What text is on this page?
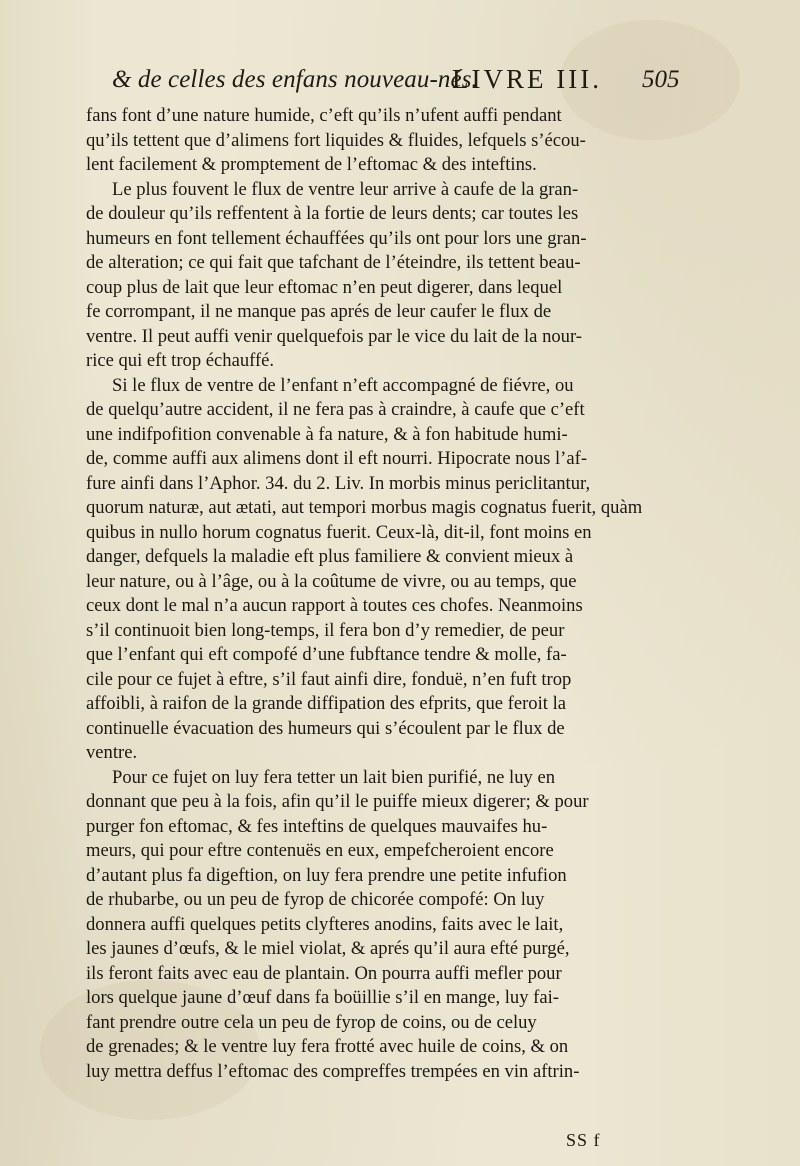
& de celles des enfans nouveau-nés.
LIVRE III. 505
fans font d’une nature humide, c’eft qu’ils n’ufent auffi pendant
qu’ils tettent que d’alimens fort liquides & fluides, lefquels s’écou-
lent facilement & promptement de l’eftomac & des inteftins.
Le plus fouvent le flux de ventre leur arrive à caufe de la gran-
de douleur qu’ils reffentent à la fortie de leurs dents; car toutes les
humeurs en font tellement échauffées qu’ils ont pour lors une gran-
de alteration; ce qui fait que tafchant de l’éteindre, ils tettent beau-
coup plus de lait que leur eftomac n’en peut digerer, dans lequel
fe corrompant, il ne manque pas aprés de leur caufer le flux de
ventre. Il peut auffi venir quelquefois par le vice du lait de la nour-
rice qui eft trop échauffé.
Si le flux de ventre de l’enfant n’eft accompagné de fiévre, ou
de quelqu’autre accident, il ne fera pas à craindre, à caufe que c’eft
une indifpofition convenable à fa nature, & à fon habitude humi-
de, comme auffi aux alimens dont il eft nourri. Hipocrate nous l’af-
fure ainfi dans l’Aphor. 34. du 2. Liv. In morbis minus periclitantur,
quorum naturæ, aut ætati, aut tempori morbus magis cognatus fuerit, quàm
quibus in nullo horum cognatus fuerit. Ceux-là, dit-il, font moins en
danger, defquels la maladie eft plus familiere & convient mieux à
leur nature, ou à l’âge, ou à la coûtume de vivre, ou au temps, que
ceux dont le mal n’a aucun rapport à toutes ces chofes. Neanmoins
s’il continuoit bien long-temps, il fera bon d’y remedier, de peur
que l’enfant qui eft compofé d’une fubftance tendre & molle, fa-
cile pour ce fujet à eftre, s’il faut ainfi dire, fonduë, n’en fuft trop
affoibli, à raifon de la grande diffipation des efprits, que feroit la
continuelle évacuation des humeurs qui s’écoulent par le flux de
ventre.
Pour ce fujet on luy fera tetter un lait bien purifié, ne luy en
donnant que peu à la fois, afin qu’il le puiffe mieux digerer; & pour
purger fon eftomac, & fes inteftins de quelques mauvaifes hu-
meurs, qui pour eftre contenuës en eux, empefcheroient encore
d’autant plus fa digeftion, on luy fera prendre une petite infufion
de rhubarbe, ou un peu de fyrop de chicorée compofé: On luy
donnera auffi quelques petits clyfteres anodins, faits avec le lait,
les jaunes d’œufs, & le miel violat, & aprés qu’il aura efté purgé,
ils feront faits avec eau de plantain. On pourra auffi mefler pour
lors quelque jaune d’œuf dans fa boüillie s’il en mange, luy fai-
fant prendre outre cela un peu de fyrop de coins, ou de celuy
de grenades; & le ventre luy fera frotté avec huile de coins, & on
luy mettra deffus l’eftomac des compreffes trempées en vin aftrin-
SS f
